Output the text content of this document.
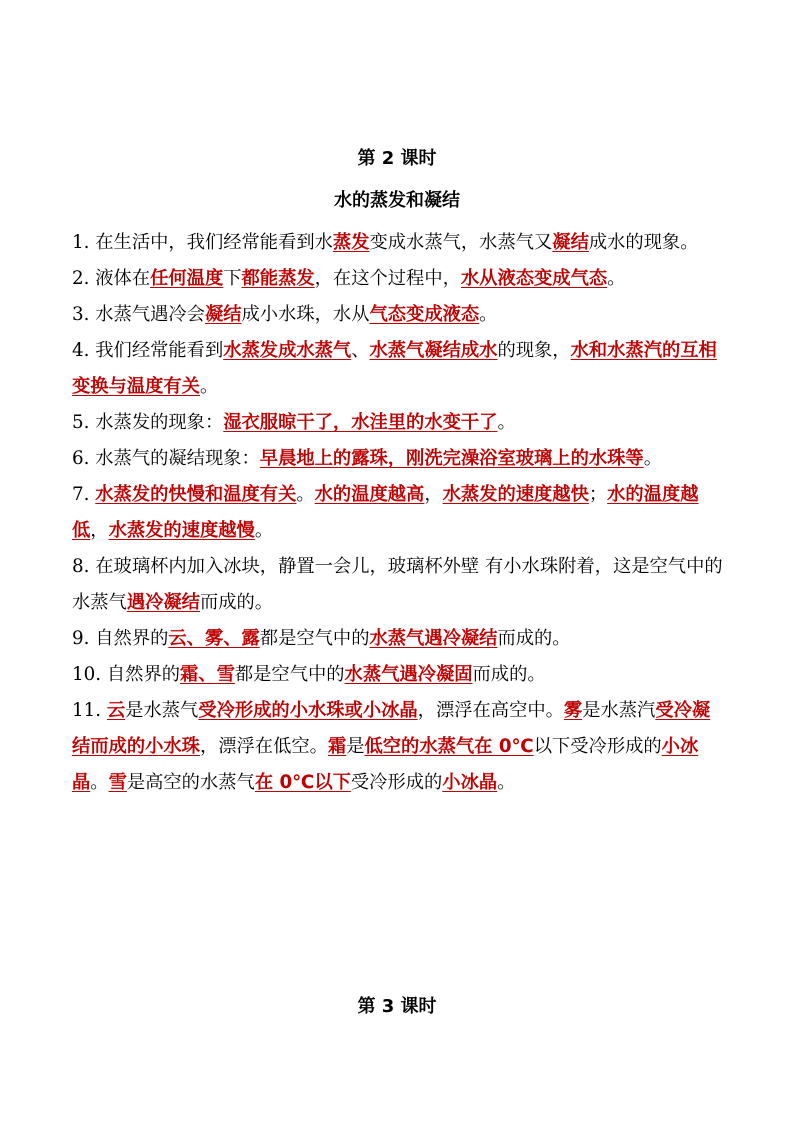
第 2 课时
水的蒸发和凝结

1. 在生活中，我们经常能看到水蒸发变成水蒸气，水蒸气又凝结成水的现象。

2. 液体在任何温度下都能蒸发，在这个过程中，水从液态变成气态。

3. 水蒸气遇冷会凝结成小水珠，水从气态变成液态。

4. 我们经常能看到水蒸发成水蒸气、水蒸气凝结成水的现象，水和水蒸汽的互相变换与温度有关。

5. 水蒸发的现象：湿衣服晾干了，水洼里的水变干了。

6. 水蒸气的凝结现象：早晨地上的露珠，刚洗完澡浴室玻璃上的水珠等。

7. 水蒸发的快慢和温度有关。水的温度越高，水蒸发的速度越快；水的温度越低，水蒸发的速度越慢。

8. 在玻璃杯内加入冰块，静置一会儿，玻璃杯外壁 有小水珠附着，这是空气中的水蒸气遇冷凝结而成的。

9. 自然界的云、雾、露都是空气中的水蒸气遇冷凝结而成的。

10. 自然界的霜、雪都是空气中的水蒸气遇冷凝固而成的。

11. 云是水蒸气受冷形成的小水珠或小冰晶，漂浮在高空中。雾是水蒸汽受冷凝结而成的小水珠，漂浮在低空。霜是低空的水蒸气在 0℃以下受冷形成的小冰晶。雪是高空的水蒸气在 0℃以下受冷形成的小冰晶。

第 3 课时
